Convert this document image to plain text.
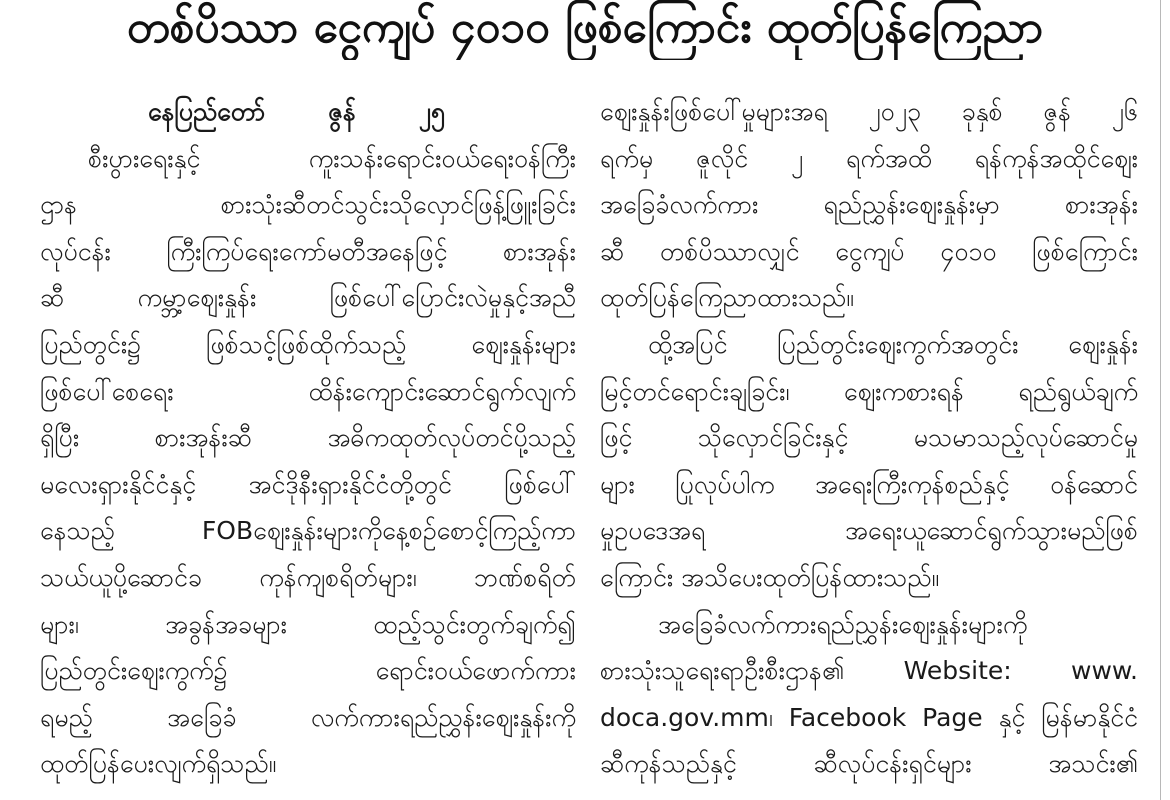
တစ်ပိဿာ ငွေကျပ် ၄၀၁၀ ဖြစ်ကြောင်း ထုတ်ပြန်ကြေညာ
နေပြည်တော် ဇွန် ၂၅
စီးပွားရေးနှင့် ကူးသန်းရောင်းဝယ်ရေးဝန်ကြီး
ဌာန စားသုံးဆီတင်သွင်းသိုလှောင်ဖြန့်ဖြူးခြင်း
လုပ်ငန်း ကြီးကြပ်ရေးကော်မတီအနေဖြင့် စားအုန်း
ဆီ ကမ္ဘာ့ဈေးနှုန်း ဖြစ်ပေါ်ပြောင်းလဲမှုနှင့်အညီ
ပြည်တွင်း၌ ဖြစ်သင့်ဖြစ်ထိုက်သည့် ဈေးနှုန်းများ
ဖြစ်ပေါ်စေရေး ထိန်းကျောင်းဆောင်ရွက်လျက်
ရှိပြီး စားအုန်းဆီ အဓိကထုတ်လုပ်တင်ပို့သည့်
မလေးရှားနိုင်ငံနှင့် အင်ဒိုနီးရှားနိုင်ငံတို့တွင် ဖြစ်ပေါ်
နေသည့် FOBဈေးနှုန်းများကိုနေ့စဉ်စောင့်ကြည့်ကာ
သယ်ယူပို့ဆောင်ခ ကုန်ကျစရိတ်များ၊ ဘဏ်စရိတ်
များ၊ အခွန်အခများ ထည့်သွင်းတွက်ချက်၍
ပြည်တွင်းဈေးကွက်၌ ရောင်းဝယ်ဖောက်ကား
ရမည့် အခြေခံ လက်ကားရည်ညွှန်းဈေးနှုန်းကို
ထုတ်ပြန်ပေးလျက်ရှိသည်။
ဈေးနှုန်းဖြစ်ပေါ်မှုများအရ ၂၀၂၃ ခုနှစ် ဇွန် ၂၆
ရက်မှ ဇူလိုင် ၂ ရက်အထိ ရန်ကုန်အထိုင်ဈေး
အခြေခံလက်ကား ရည်ညွှန်းဈေးနှုန်းမှာ စားအုန်း
ဆီ တစ်ပိဿာလျှင် ငွေကျပ် ၄၀၁၀ ဖြစ်ကြောင်း
ထုတ်ပြန်ကြေညာထားသည်။
ထို့အပြင် ပြည်တွင်းဈေးကွက်အတွင်း ဈေးနှုန်း
မြင့်တင်ရောင်းချခြင်း၊ ဈေးကစားရန် ရည်ရွယ်ချက်
ဖြင့် သိုလှောင်ခြင်းနှင့် မသမာသည့်လုပ်ဆောင်မှု
များ ပြုလုပ်ပါက အရေးကြီးကုန်စည်နှင့် ဝန်ဆောင်
မှုဥပဒေအရ အရေးယူဆောင်ရွက်သွားမည်ဖြစ်
ကြောင်း အသိပေးထုတ်ပြန်ထားသည်။
အခြေခံလက်ကားရည်ညွှန်းဈေးနှုန်းများကို
စားသုံးသူရေးရာဦးစီးဌာန၏ Website: www.
doca.gov.mm၊ Facebook Page နှင့် မြန်မာနိုင်ငံ
ဆီကုန်သည်နှင့် ဆီလုပ်ငန်းရှင်များ အသင်း၏
